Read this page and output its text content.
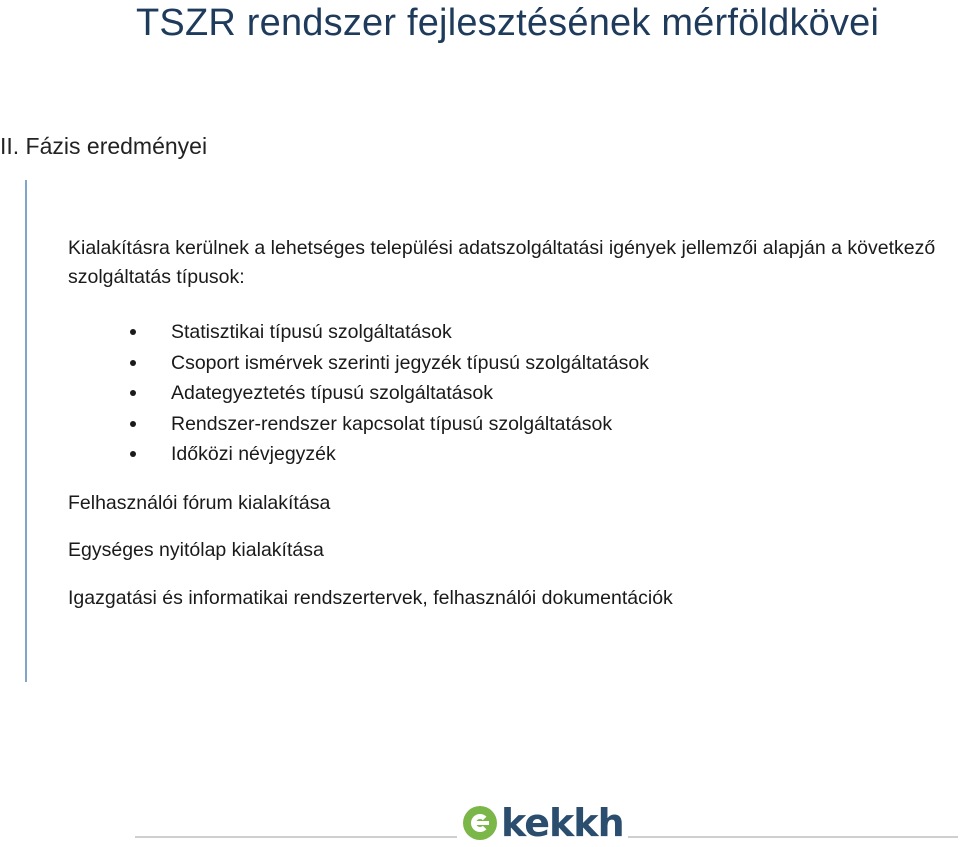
TSZR rendszer fejlesztésének mérföldkövei
II. Fázis eredményei

Kialakításra kerülnek a lehetséges települési adatszolgáltatási igények jellemzői alapján a következő szolgáltatás típusok:

Statisztikai típusú szolgáltatások
Csoport ismérvek szerinti jegyzék típusú szolgáltatások
Adategyeztetés típusú szolgáltatások
Rendszer-rendszer kapcsolat típusú szolgáltatások
Időközi névjegyzék

Felhasználói fórum kialakítása

Egységes nyitólap kialakítása

Igazgatási és informatikai rendszertervek, felhasználói dokumentációk

kekkh
